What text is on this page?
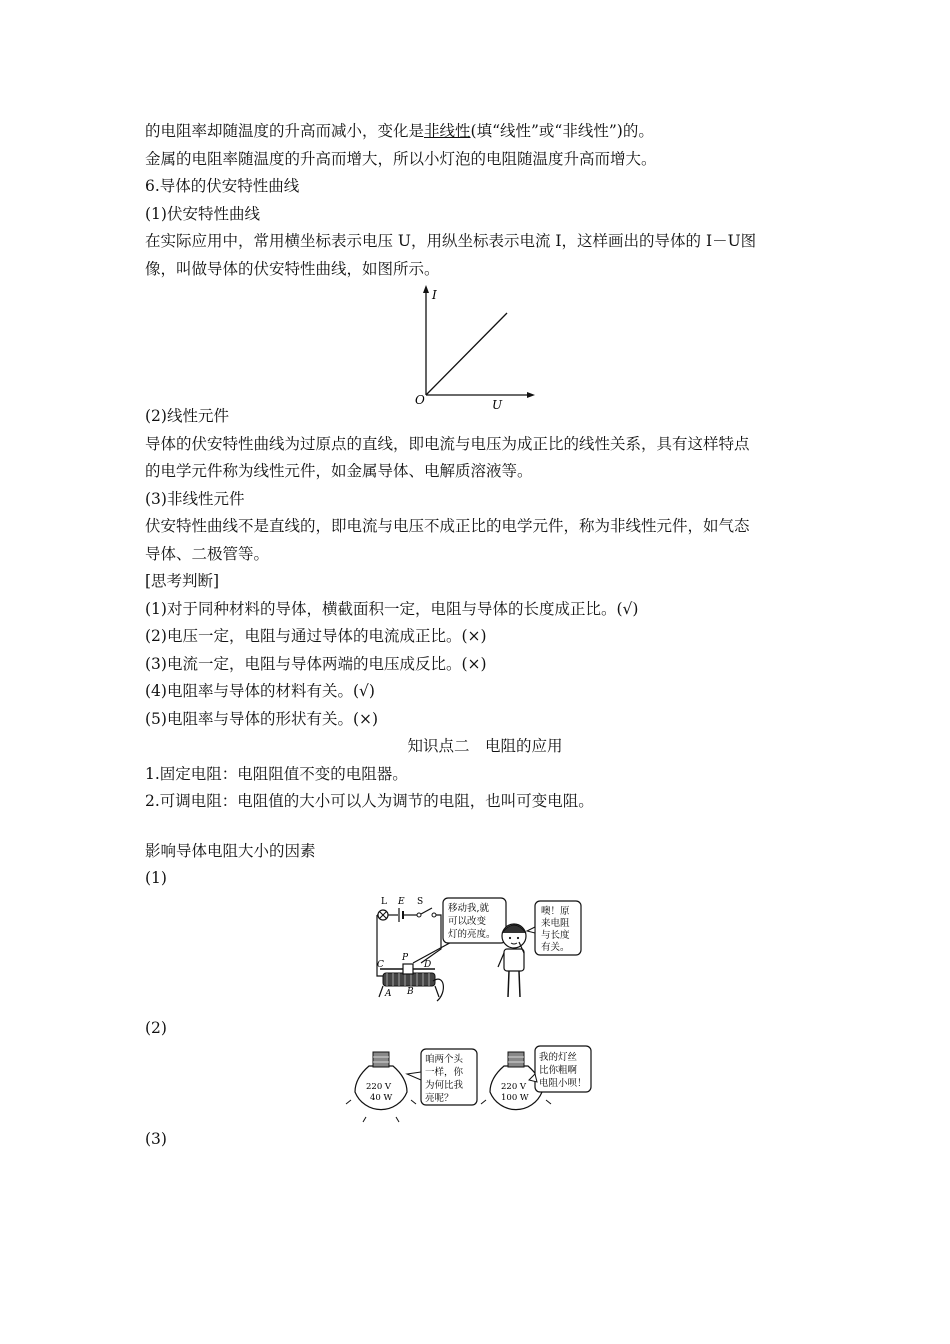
的电阻率却随温度的升高而减小，变化是非线性(填“线性”或“非线性”)的。

金属的电阻率随温度的升高而增大，所以小灯泡的电阻随温度升高而增大。

6.导体的伏安特性曲线

(1)伏安特性曲线

在实际应用中，常用横坐标表示电压 U，用纵坐标表示电流 I，这样画出的导体的 I－U图

像，叫做导体的伏安特性曲线，如图所示。

I
U
O

(2)线性元件

导体的伏安特性曲线为过原点的直线，即电流与电压为成正比的线性关系，具有这样特点

的电学元件称为线性元件，如金属导体、电解质溶液等。

(3)非线性元件

伏安特性曲线不是直线的，即电流与电压不成正比的电学元件，称为非线性元件，如气态

导体、二极管等。

[思考判断]

(1)对于同种材料的导体，横截面积一定，电阻与导体的长度成正比。(√)

(2)电压一定，电阻与通过导体的电流成正比。(×)

(3)电流一定，电阻与导体两端的电压成反比。(×)

(4)电阻率与导体的材料有关。(√)

(5)电阻率与导体的形状有关。(×)

知识点二　电阻的应用

1.固定电阻：电阻阻值不变的电阻器。

2.可调电阻：电阻值的大小可以人为调节的电阻，也叫可变电阻。

影响导体电阻大小的因素

(1)

L E S
P
C	D
A B
移动我,就
可以改变
灯的亮度。
噢！原
来电阻
与长度
有关。

(2)

220 V
40 W
咱两个头
一样，你
为何比我
亮呢？
220 V
100 W
我的灯丝
比你粗啊
电阻小呗！

(3)
